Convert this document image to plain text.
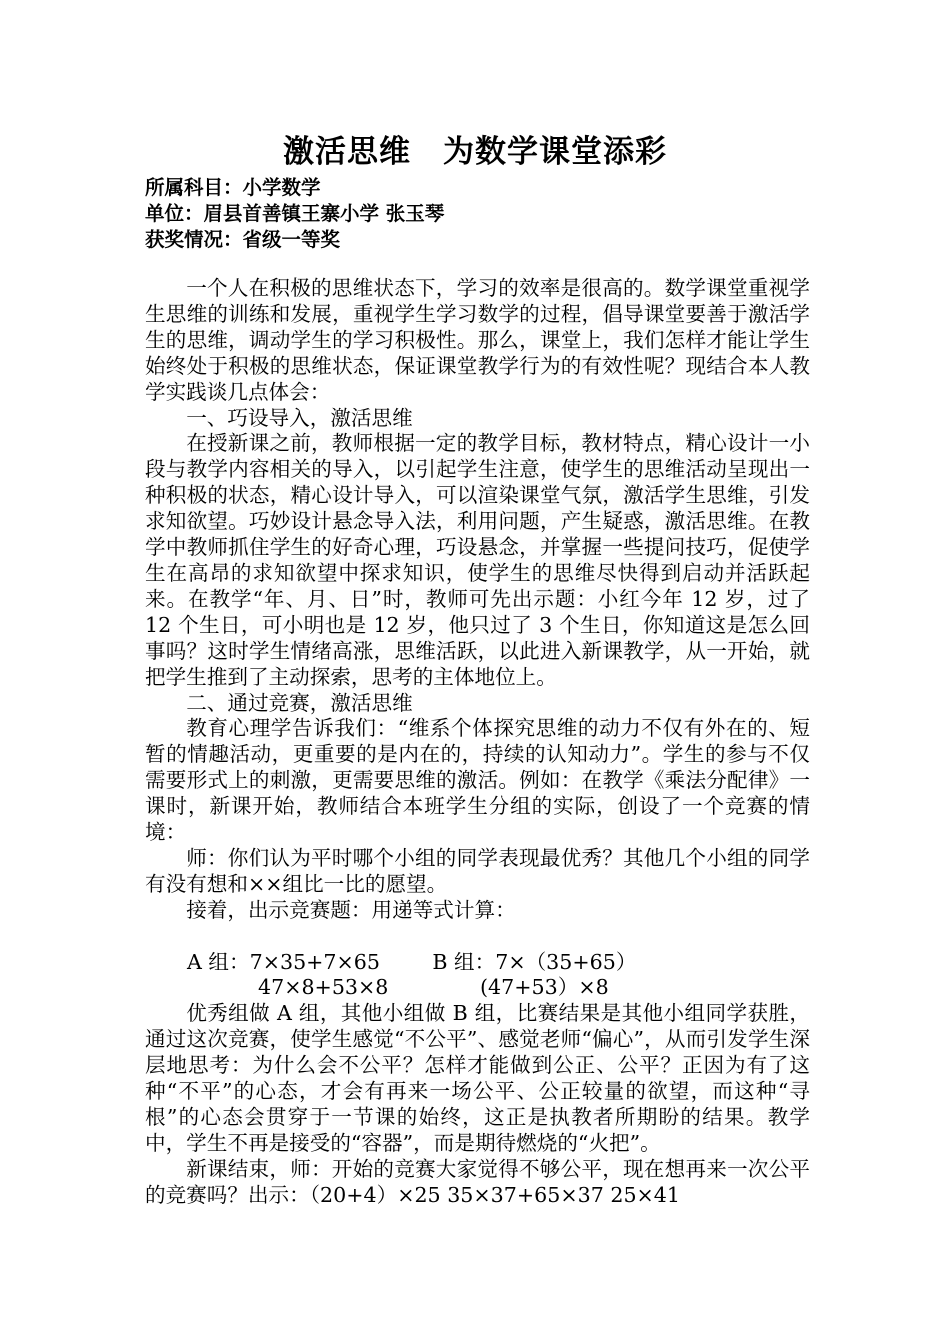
激活思维　为数学课堂添彩
所属科目：小学数学
单位：眉县首善镇王寨小学 张玉琴
获奖情况：省级一等奖

一个人在积极的思维状态下，学习的效率是很高的。数学课堂重视学生思维的训练和发展，重视学生学习数学的过程，倡导课堂要善于激活学生的思维，调动学生的学习积极性。那么，课堂上，我们怎样才能让学生始终处于积极的思维状态，保证课堂教学行为的有效性呢？现结合本人教学实践谈几点体会：

一、巧设导入，激活思维

在授新课之前，教师根据一定的教学目标，教材特点，精心设计一小段与教学内容相关的导入，以引起学生注意，使学生的思维活动呈现出一种积极的状态，精心设计导入，可以渲染课堂气氛，激活学生思维，引发求知欲望。巧妙设计悬念导入法，利用问题，产生疑惑，激活思维。在教学中教师抓住学生的好奇心理，巧设悬念，并掌握一些提问技巧，促使学生在高昂的求知欲望中探求知识，使学生的思维尽快得到启动并活跃起来。在教学“年、月、日”时，教师可先出示题：小红今年 12 岁，过了 12 个生日，可小明也是 12 岁，他只过了 3 个生日，你知道这是怎么回事吗？这时学生情绪高涨，思维活跃，以此进入新课教学，从一开始，就把学生推到了主动探索，思考的主体地位上。

二、通过竞赛，激活思维

教育心理学告诉我们：“维系个体探究思维的动力不仅有外在的、短暂的情趣活动，更重要的是内在的，持续的认知动力”。学生的参与不仅需要形式上的刺激，更需要思维的激活。例如：在教学《乘法分配律》一课时，新课开始，教师结合本班学生分组的实际，创设了一个竞赛的情境：

师：你们认为平时哪个小组的同学表现最优秀？其他几个小组的同学有没有想和××组比一比的愿望。

接着，出示竞赛题：用递等式计算：

A 组：7×35+7×65        B 组：7×（35+65）

47×8+53×8              (47+53）×8

优秀组做 A 组，其他小组做 B 组，比赛结果是其他小组同学获胜，通过这次竞赛，使学生感觉“不公平”、感觉老师“偏心”，从而引发学生深层地思考：为什么会不公平？怎样才能做到公正、公平？正因为有了这种“不平”的心态，才会有再来一场公平、公正较量的欲望，而这种“寻根”的心态会贯穿于一节课的始终，这正是执教者所期盼的结果。教学中，学生不再是接受的“容器”，而是期待燃烧的“火把”。

新课结束，师：开始的竞赛大家觉得不够公平，现在想再来一次公平的竞赛吗？出示：（20+4）×25 35×37+65×37 25×41
